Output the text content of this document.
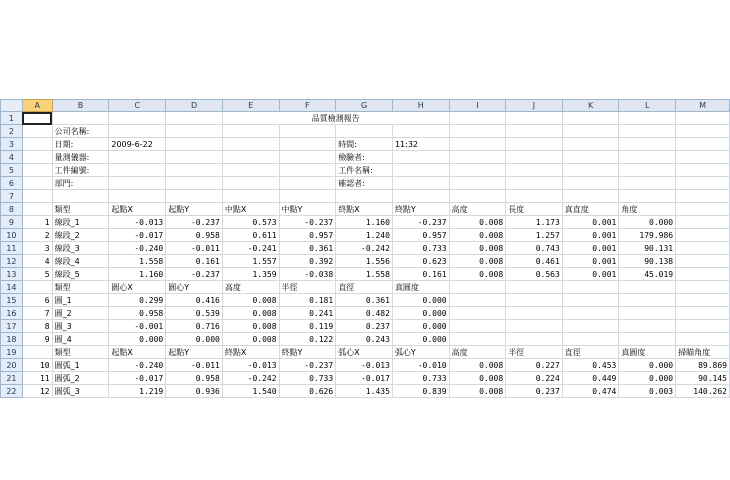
	A	B	C	D	E	F	G	H	I	J	K	L	M
1					品質檢測報告								
2		公司名稱:											
3		日期:	2009-6-22				時間:	11:32					
4		量測儀器:					檢驗者:						
5		工件編號:					工件名稱:						
6		部門:					確認者:						
7													
8		類型	起點X	起點Y	中點X	中點Y	終點X	終點Y	高度	長度	真直度	角度	
9	1	線段_1	-0.013	-0.237	0.573	-0.237	1.160	-0.237	0.008	1.173	0.001	0.000	
10	2	線段_2	-0.017	0.958	0.611	0.957	1.240	0.957	0.008	1.257	0.001	179.986	
11	3	線段_3	-0.240	-0.011	-0.241	0.361	-0.242	0.733	0.008	0.743	0.001	90.131	
12	4	線段_4	1.558	0.161	1.557	0.392	1.556	0.623	0.008	0.461	0.001	90.138	
13	5	線段_5	1.160	-0.237	1.359	-0.038	1.558	0.161	0.008	0.563	0.001	45.019	
14		類型	圓心X	圓心Y	高度	半徑	直徑	真圓度					
15	6	圓_1	0.299	0.416	0.008	0.181	0.361	0.000					
16	7	圓_2	0.958	0.539	0.008	0.241	0.482	0.000					
17	8	圓_3	-0.001	0.716	0.008	0.119	0.237	0.000					
18	9	圓_4	0.000	0.000	0.008	0.122	0.243	0.000					
19		類型	起點X	起點Y	終點X	終點Y	弧心X	弧心Y	高度	半徑	直徑	真圓度	掃瞄角度
20	10	圓弧_1	-0.240	-0.011	-0.013	-0.237	-0.013	-0.010	0.008	0.227	0.453	0.000	89.869
21	11	圓弧_2	-0.017	0.958	-0.242	0.733	-0.017	0.733	0.008	0.224	0.449	0.000	90.145
22	12	圓弧_3	1.219	0.936	1.540	0.626	1.435	0.839	0.008	0.237	0.474	0.003	140.262
